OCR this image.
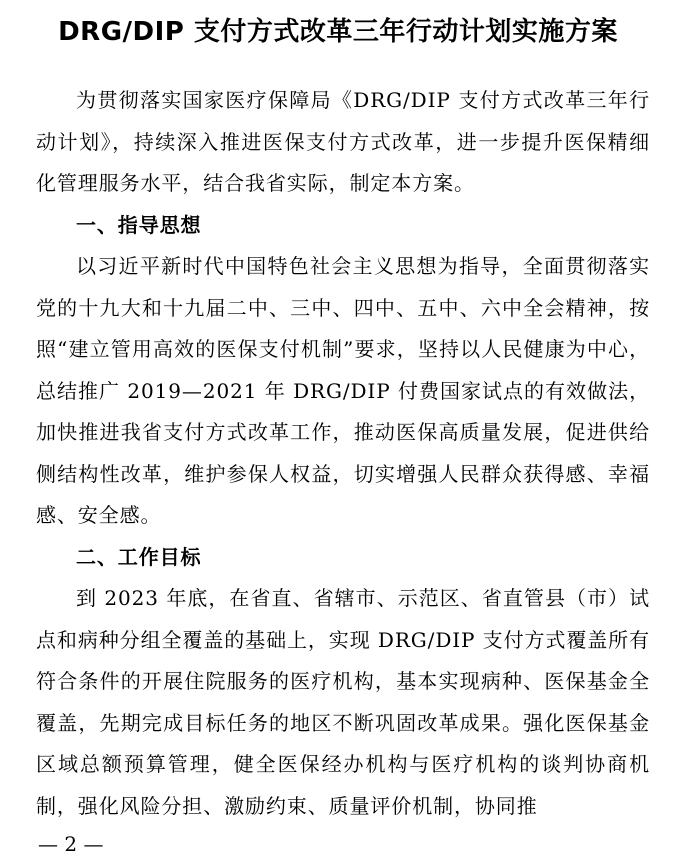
DRG/DIP 支付方式改革三年行动计划实施方案

为贯彻落实国家医疗保障局《DRG/DIP 支付方式改革三年行动计划》，持续深入推进医保支付方式改革，进一步提升医保精细化管理服务水平，结合我省实际，制定本方案。

一、指导思想

以习近平新时代中国特色社会主义思想为指导，全面贯彻落实党的十九大和十九届二中、三中、四中、五中、六中全会精神，按照“建立管用高效的医保支付机制”要求，坚持以人民健康为中心，总结推广 2019—2021 年 DRG/DIP 付费国家试点的有效做法，加快推进我省支付方式改革工作，推动医保高质量发展，促进供给侧结构性改革，维护参保人权益，切实增强人民群众获得感、幸福感、安全感。

二、工作目标

到 2023 年底，在省直、省辖市、示范区、省直管县（市）试点和病种分组全覆盖的基础上，实现 DRG/DIP 支付方式覆盖所有符合条件的开展住院服务的医疗机构，基本实现病种、医保基金全覆盖，先期完成目标任务的地区不断巩固改革成果。强化医保基金区域总额预算管理，健全医保经办机构与医疗机构的谈判协商机制，强化风险分担、激励约束、质量评价机制，协同推

— 2 —
